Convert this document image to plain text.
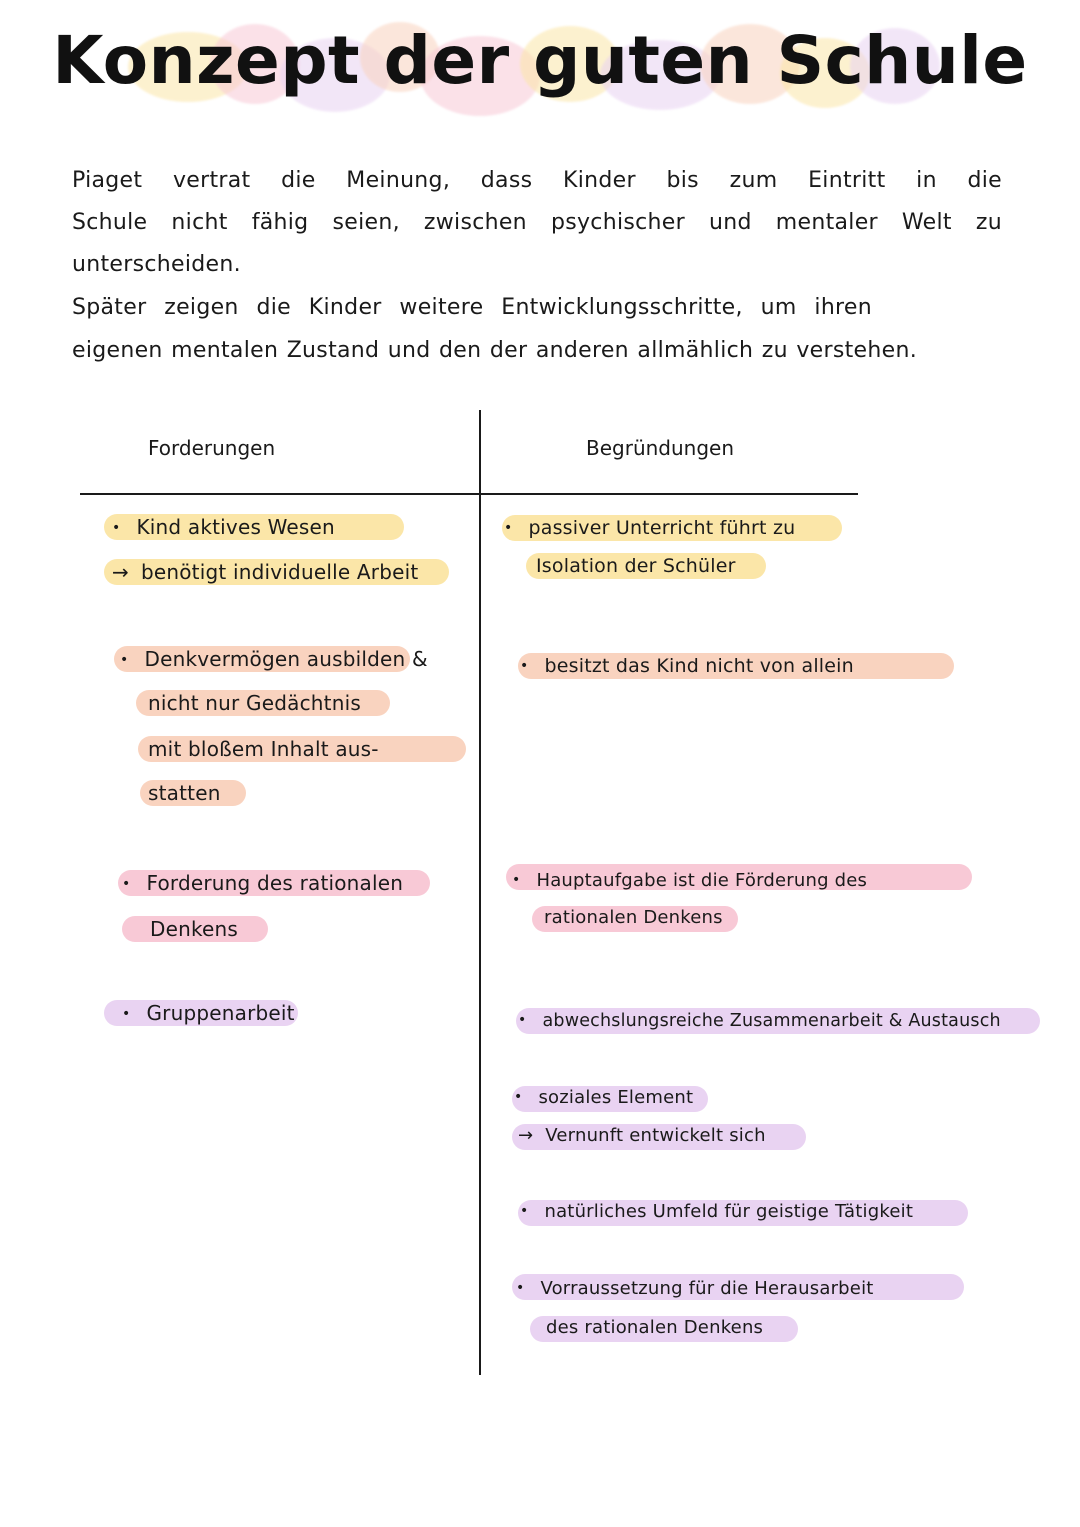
Konzept der guten Schule
Piaget vertrat die Meinung, dass Kinder bis zum Eintritt in die
Schule nicht fähig seien, zwischen psychischer und mentaler Welt zu
unterscheiden.
Später zeigen die Kinder weitere Entwicklungsschritte, um ihren
eigenen mentalen Zustand und den der anderen allmählich zu verstehen.
Forderungen	Begründungen
• Kind aktives Wesen
→ benötigt individuelle Arbeit
• Denkvermögen ausbilden &
nicht nur Gedächtnis
mit bloßem Inhalt aus-
statten
• Forderung des rationalen
Denkens
• Gruppenarbeit
• passiver Unterricht führt zu
Isolation der Schüler
• besitzt das Kind nicht von allein
• Hauptaufgabe ist die Förderung des
rationalen Denkens
• abwechslungsreiche Zusammenarbeit & Austausch
• soziales Element
→ Vernunft entwickelt sich
• natürliches Umfeld für geistige Tätigkeit
• Vorraussetzung für die Herausarbeit
des rationalen Denkens
